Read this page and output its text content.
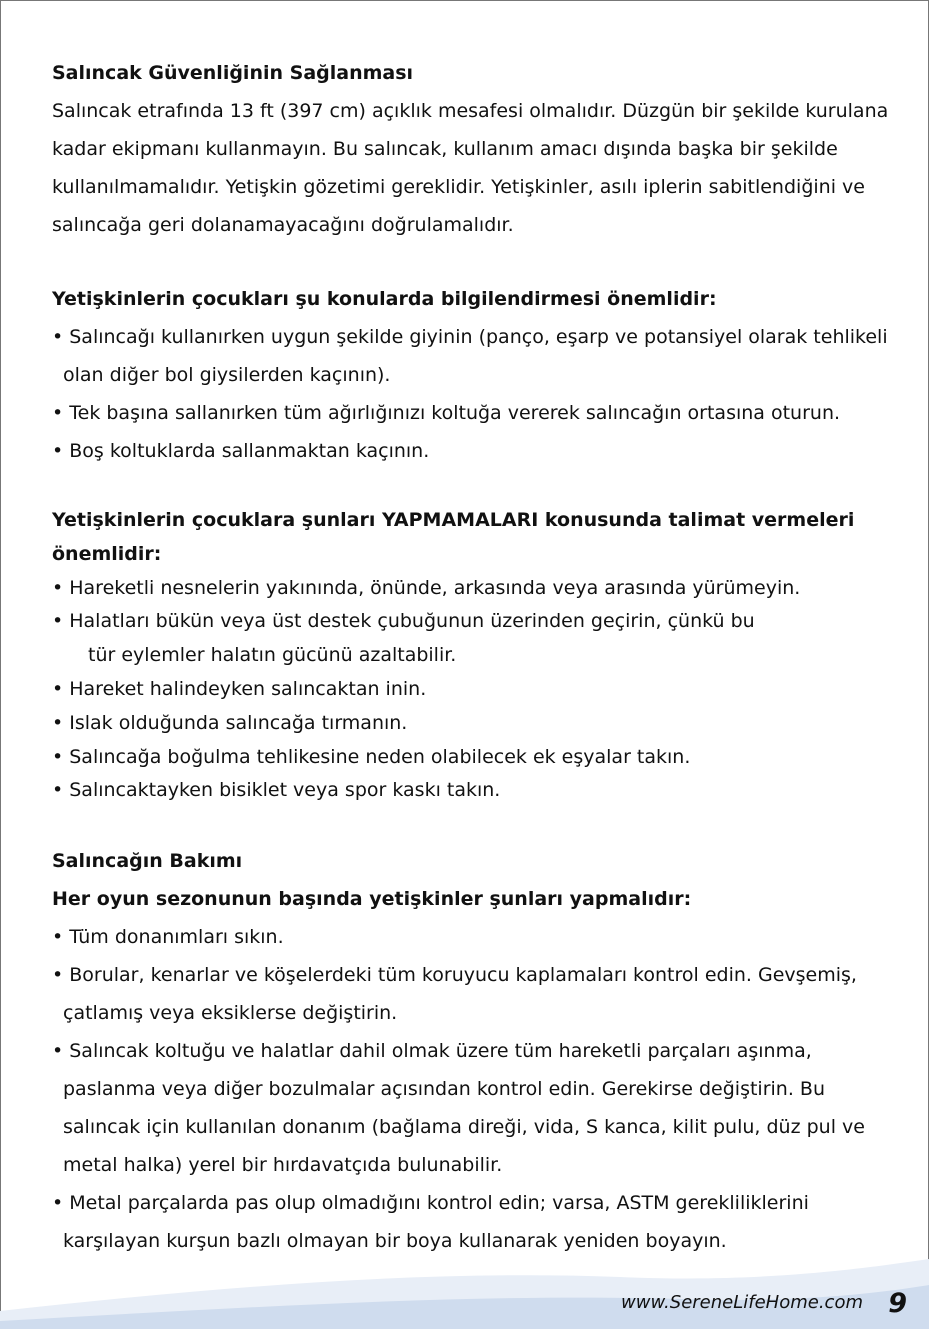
Salıncak Güvenliğinin Sağlanması

Salıncak etrafında 13 ft (397 cm) açıklık mesafesi olmalıdır. Düzgün bir şekilde kurulana kadar ekipmanı kullanmayın. Bu salıncak, kullanım amacı dışında başka bir şekilde kullanılmamalıdır. Yetişkin gözetimi gereklidir. Yetişkinler, asılı iplerin sabitlendiğini ve salıncağa geri dolanamayacağını doğrulamalıdır.

Yetişkinlerin çocukları şu konularda bilgilendirmesi önemlidir:
• Salıncağı kullanırken uygun şekilde giyinin (panço, eşarp ve potansiyel olarak tehlikeli olan diğer bol giysilerden kaçının).
• Tek başına sallanırken tüm ağırlığınızı koltuğa vererek salıncağın ortasına oturun.
• Boş koltuklarda sallanmaktan kaçının.
Yetişkinlerin çocuklara şunları YAPMAMALARI konusunda talimat vermeleri önemlidir:
• Hareketli nesnelerin yakınında, önünde, arkasında veya arasında yürümeyin.
• Halatları bükün veya üst destek çubuğunun üzerinden geçirin, çünkü bu
tür eylemler halatın gücünü azaltabilir.
• Hareket halindeyken salıncaktan inin.
• Islak olduğunda salıncağa tırmanın.
• Salıncağa boğulma tehlikesine neden olabilecek ek eşyalar takın.
• Salıncaktayken bisiklet veya spor kaskı takın.
Salıncağın Bakımı
Her oyun sezonunun başında yetişkinler şunları yapmalıdır:
• Tüm donanımları sıkın.
• Borular, kenarlar ve köşelerdeki tüm koruyucu kaplamaları kontrol edin. Gevşemiş, çatlamış veya eksiklerse değiştirin.
• Salıncak koltuğu ve halatlar dahil olmak üzere tüm hareketli parçaları aşınma, paslanma veya diğer bozulmalar açısından kontrol edin. Gerekirse değiştirin. Bu salıncak için kullanılan donanım (bağlama direği, vida, S kanca, kilit pulu, düz pul ve metal halka) yerel bir hırdavatçıda bulunabilir.
• Metal parçalarda pas olup olmadığını kontrol edin; varsa, ASTM gerekliliklerini karşılayan kurşun bazlı olmayan bir boya kullanarak yeniden boyayın.
www.SereneLifeHome.com 9
